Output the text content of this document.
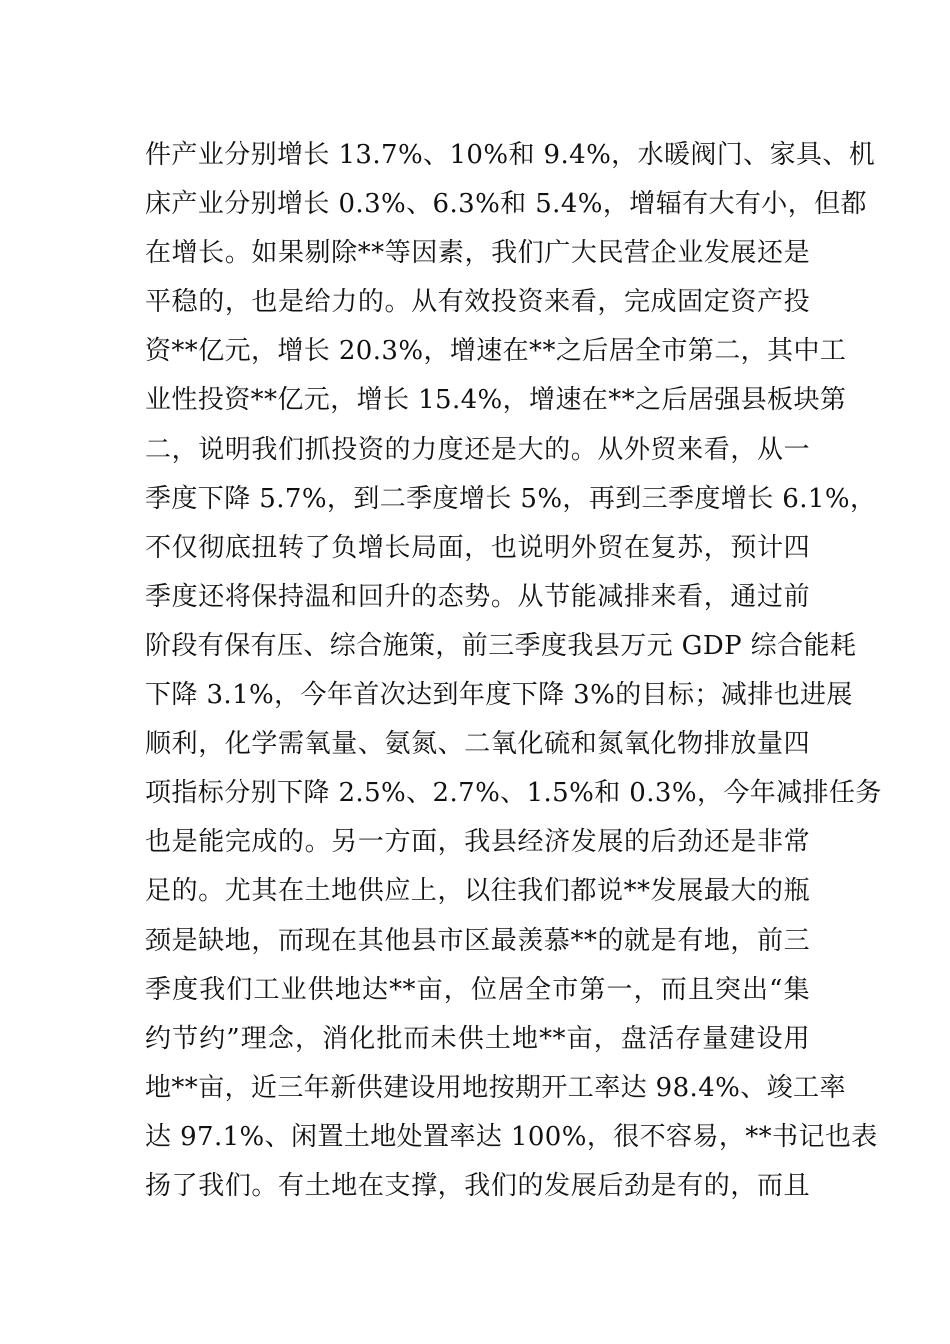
件产业分别增长 13.7%、10%和 9.4%，水暖阀门、家具、机
床产业分别增长 0.3%、6.3%和 5.4%，增辐有大有小，但都
在增长。如果剔除**等因素，我们广大民营企业发展还是
平稳的，也是给力的。从有效投资来看，完成固定资产投
资**亿元，增长 20.3%，增速在**之后居全市第二，其中工
业性投资**亿元，增长 15.4%，增速在**之后居强县板块第
二，说明我们抓投资的力度还是大的。从外贸来看，从一
季度下降 5.7%，到二季度增长 5%，再到三季度增长 6.1%，
不仅彻底扭转了负增长局面，也说明外贸在复苏，预计四
季度还将保持温和回升的态势。从节能减排来看，通过前
阶段有保有压、综合施策，前三季度我县万元 GDP 综合能耗
下降 3.1%，今年首次达到年度下降 3%的目标；减排也进展
顺利，化学需氧量、氨氮、二氧化硫和氮氧化物排放量四
项指标分别下降 2.5%、2.7%、1.5%和 0.3%，今年减排任务
也是能完成的。另一方面，我县经济发展的后劲还是非常
足的。尤其在土地供应上，以往我们都说**发展最大的瓶
颈是缺地，而现在其他县市区最羡慕**的就是有地，前三
季度我们工业供地达**亩，位居全市第一，而且突出“集
约节约”理念，消化批而未供土地**亩，盘活存量建设用
地**亩，近三年新供建设用地按期开工率达 98.4%、竣工率
达 97.1%、闲置土地处置率达 100%，很不容易，**书记也表
扬了我们。有土地在支撑，我们的发展后劲是有的，而且
